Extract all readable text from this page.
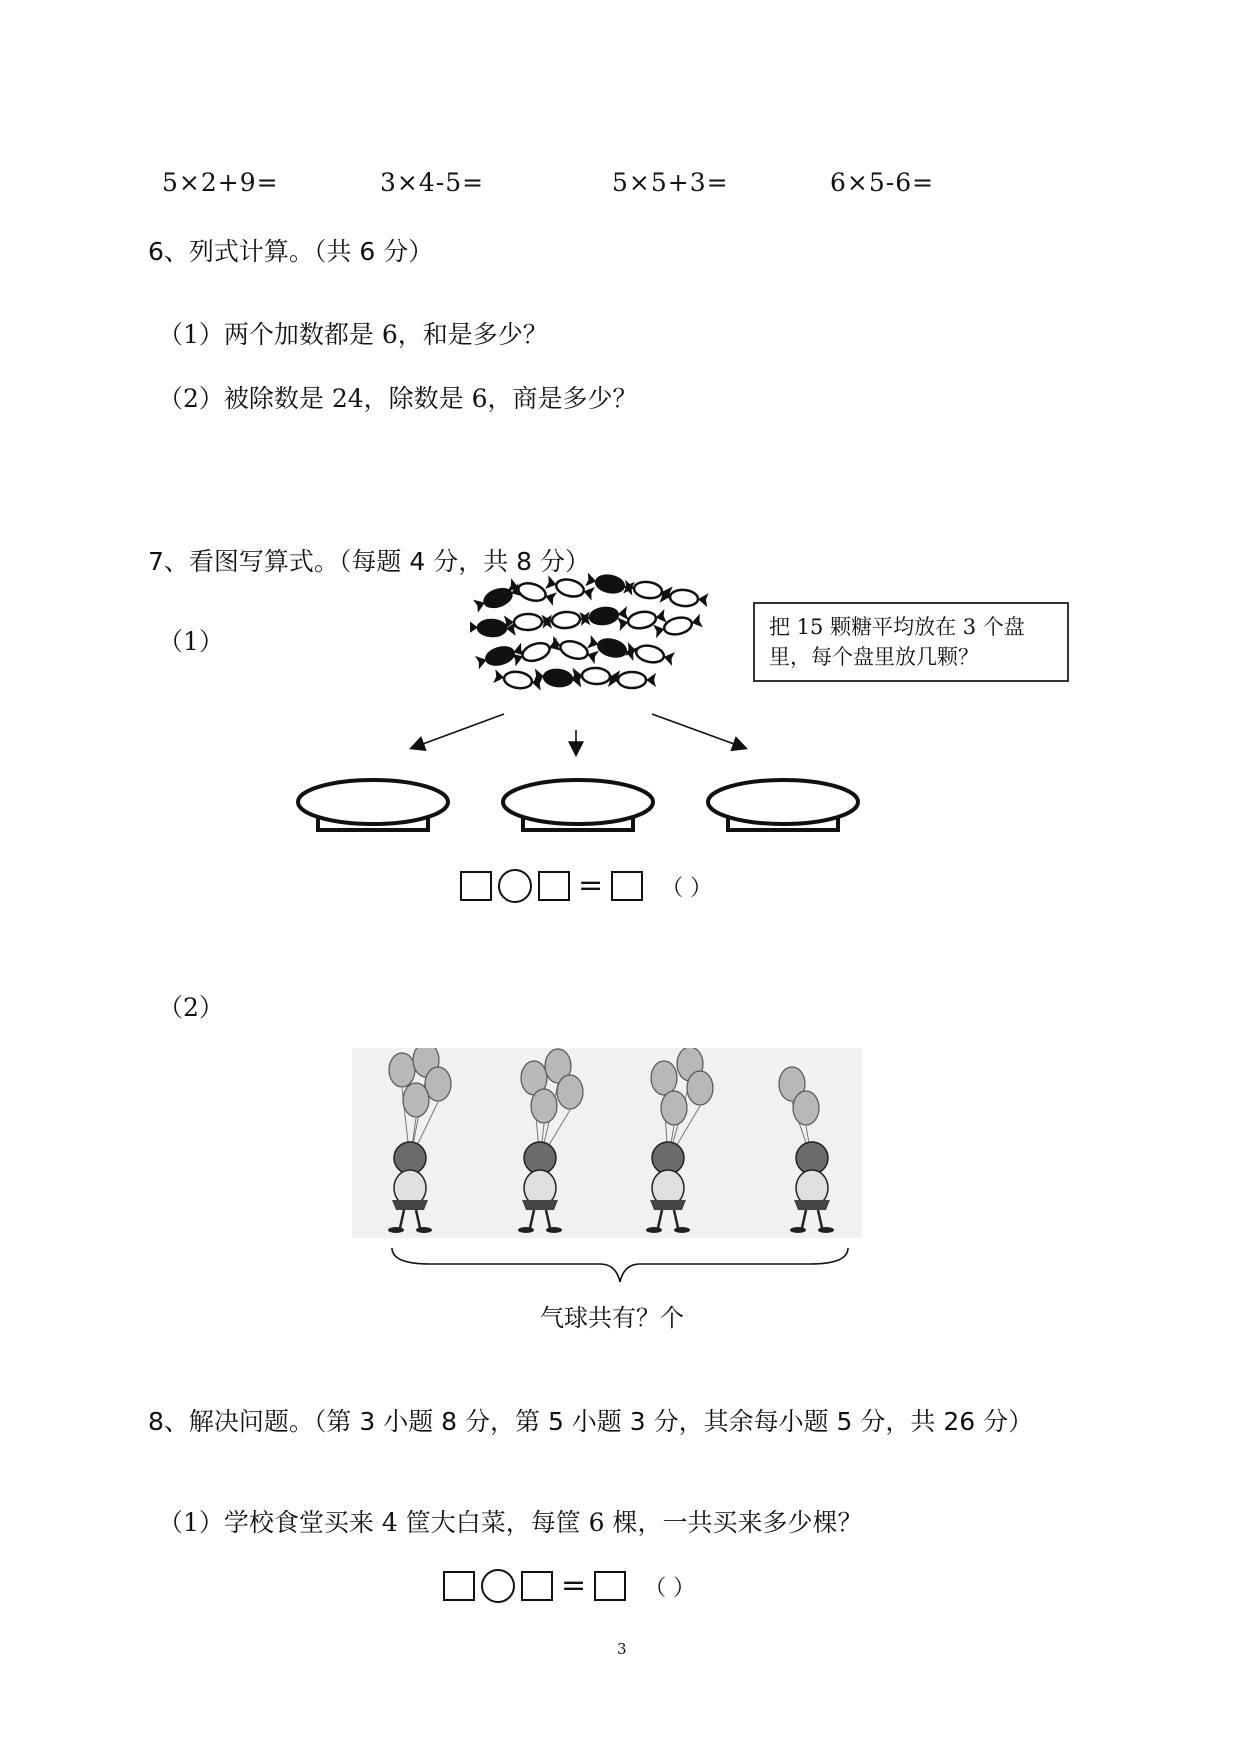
5×2+9=	3×4-5=	5×5+3=	6×5-6=
6、列式计算。（共 6 分）
（1）两个加数都是 6，和是多少？
（2）被除数是 24，除数是 6，商是多少？
7、看图写算式。（每题 4 分，共 8 分）
（1）	把 15 颗糖平均放在 3 个盘里，每个盘里放几颗？
=	（ ）
（2）
气球共有？个
8、解决问题。（第 3 小题 8 分，第 5 小题 3 分，其余每小题 5 分，共 26 分）
（1）学校食堂买来 4 筐大白菜，每筐 6 棵，一共买来多少棵？
=	（ ）
3
